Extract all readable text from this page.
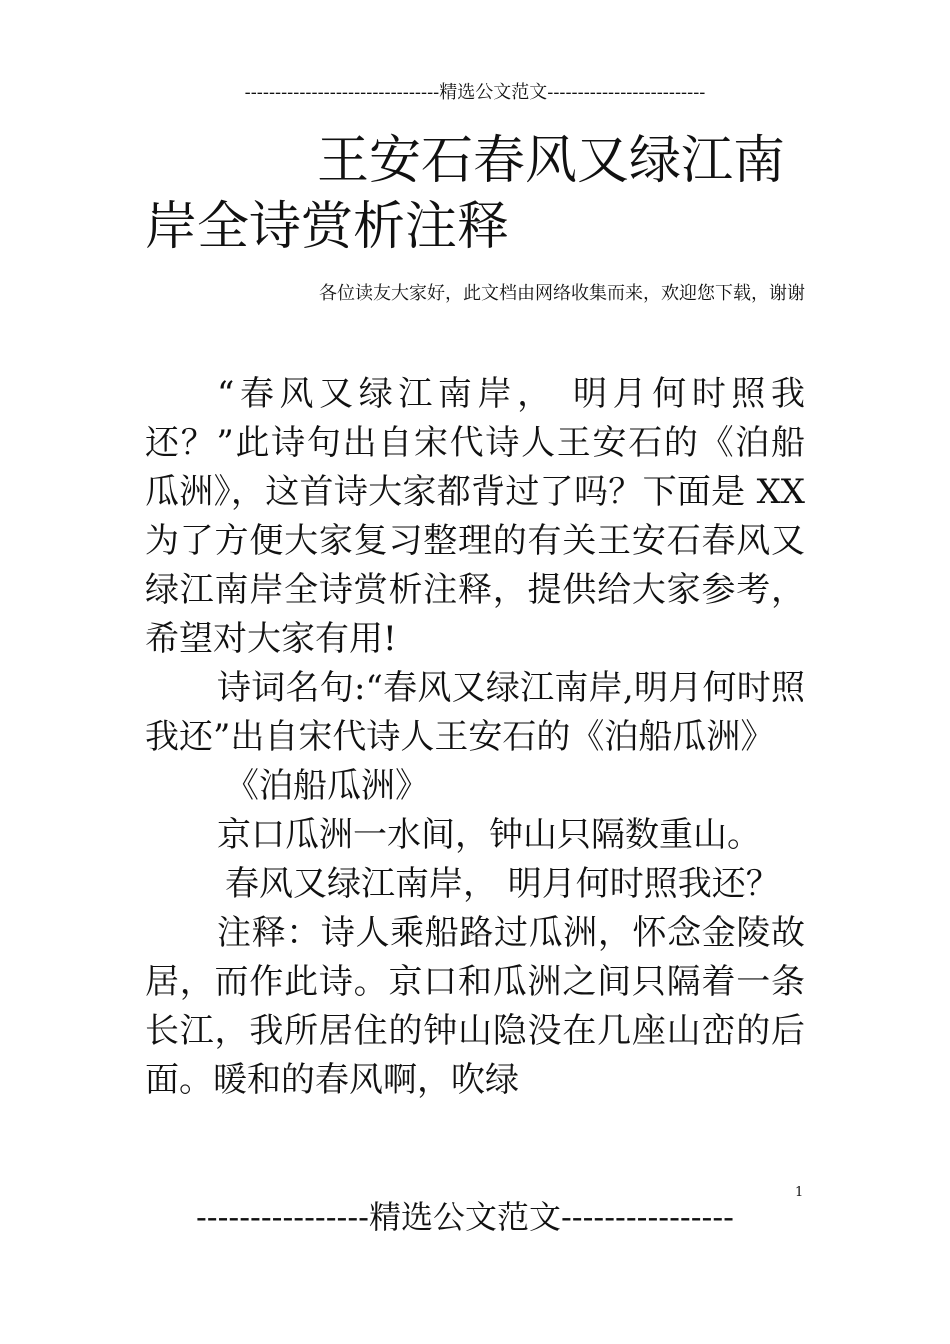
--------------------------------精选公文范文--------------------------
王安石春风又绿江南岸全诗赏析注释
各位读友大家好，此文档由网络收集而来，欢迎您下载，谢谢

“春风又绿江南岸， 明月何时照我还？”此诗句出自宋代诗人王安石的《泊船瓜洲》，这首诗大家都背过了吗？下面是 XX 为了方便大家复习整理的有关王安石春风又绿江南岸全诗赏析注释，提供给大家参考，希望对大家有用!

诗词名句:“春风又绿江南岸,明月何时照我还”出自宋代诗人王安石的《泊船瓜洲》

《泊船瓜洲》

京口瓜洲一水间，钟山只隔数重山。

春风又绿江南岸， 明月何时照我还？

注释：诗人乘船路过瓜洲，怀念金陵故居，而作此诗。京口和瓜洲之间只隔着一条长江，我所居住的钟山隐没在几座山峦的后面。暖和的春风啊，吹绿

----------------精选公文范文----------------
1
